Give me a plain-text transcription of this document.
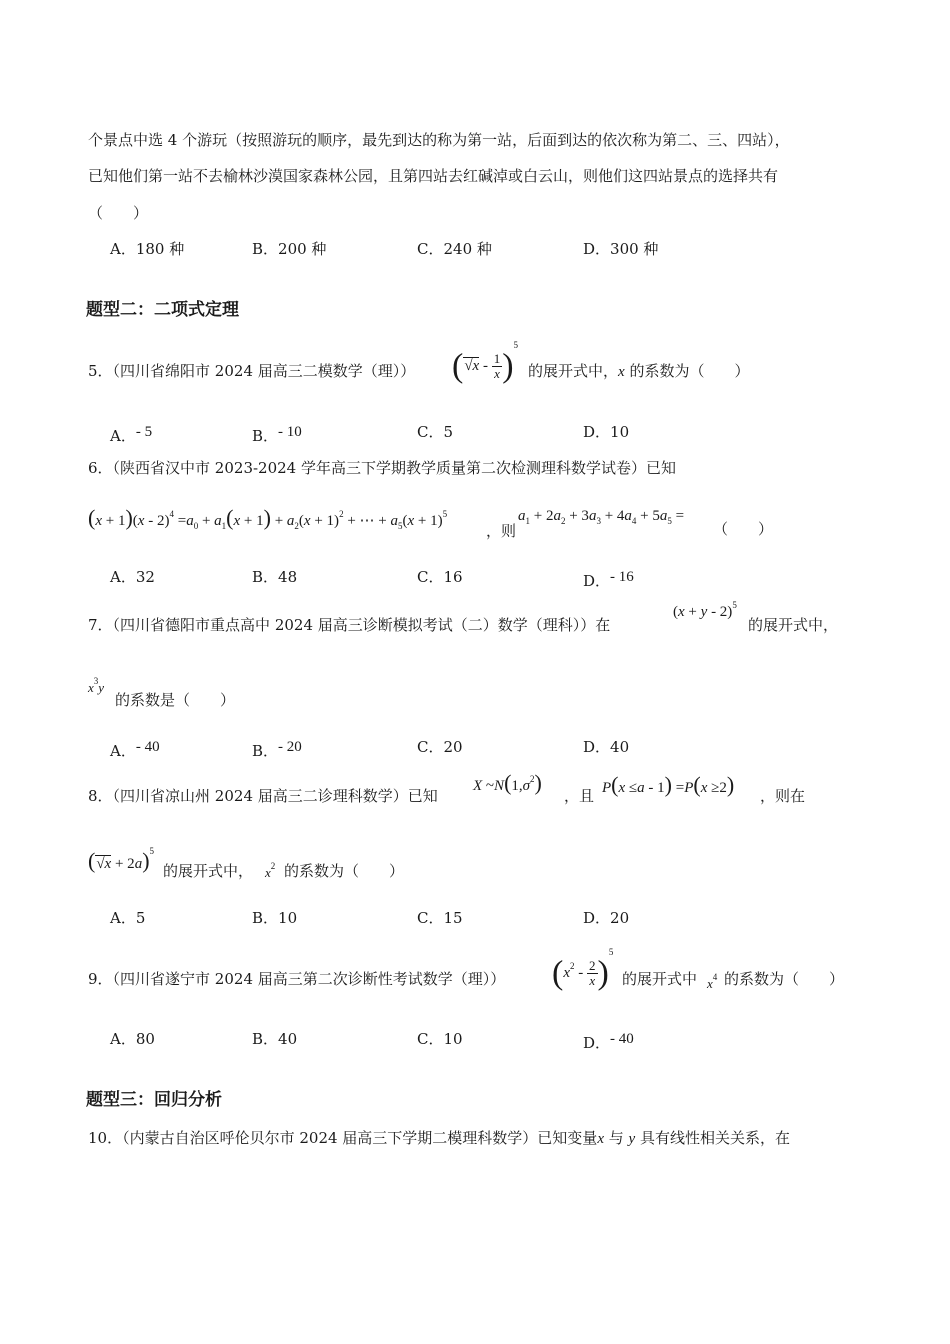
个景点中选 4 个游玩（按照游玩的顺序，最先到达的称为第一站，后面到达的依次称为第二、三、四站），
已知他们第一站不去榆林沙漠国家森林公园，且第四站去红碱淖或白云山，则他们这四站景点的选择共有
（　　）
A．180 种	B．200 种	C．240 种	D．300 种
题型二：二项式定理
5．（四川省绵阳市 2024 届高三二模数学（理）） $(√x - \frac{1}{x} )^5$
的展开式中，x 的系数为（　　）
A．- 5	B．- 10	C．5	D．10
6．（陕西省汉中市 2023-2024 学年高三下学期教学质量第二次检测理科数学试卷）已知
$(x + 1)(x - 2)^4 =a_0 + a_1(x + 1) + a_2(x + 1)^2$ + ⋯ + $a_5(x + 1)^5$
，则
$a_1 + 2a_2 + 3a_3 + 4a_4 + 5a_5$ =
（　　）
A．32	B．48	C．16	D．- 16
7．（四川省德阳市重点高中 2024 届高三诊断模拟考试（二）数学（理科））在
$(x + y - 2)^5$
的展开式中，
$x^3y$
的系数是（　　）
A．- 40	B．- 20	C．20	D．40
8．（四川省凉山州 2024 届高三二诊理科数学）已知
X $\sim N(1,\sigma^2)$
，且 P(x ≤a - 1) =P(x ≥2) ，则在
$(√x + 2a)^5$
的展开式中， $x^2$ 的系数为（　　）
A．5	B．10	C．15	D．20
9．（四川省遂宁市 2024 届高三第二次诊断性考试数学（理）） $(x^2 - \frac{2}{x} )^5$
的展开式中 $x^4$ 的系数为（　　）
A．80	B．40	C．10	D．- 40
题型三：回归分析
10．（内蒙古自治区呼伦贝尔市 2024 届高三下学期二模理科数学）已知变量x 与 y 具有线性相关关系，在
